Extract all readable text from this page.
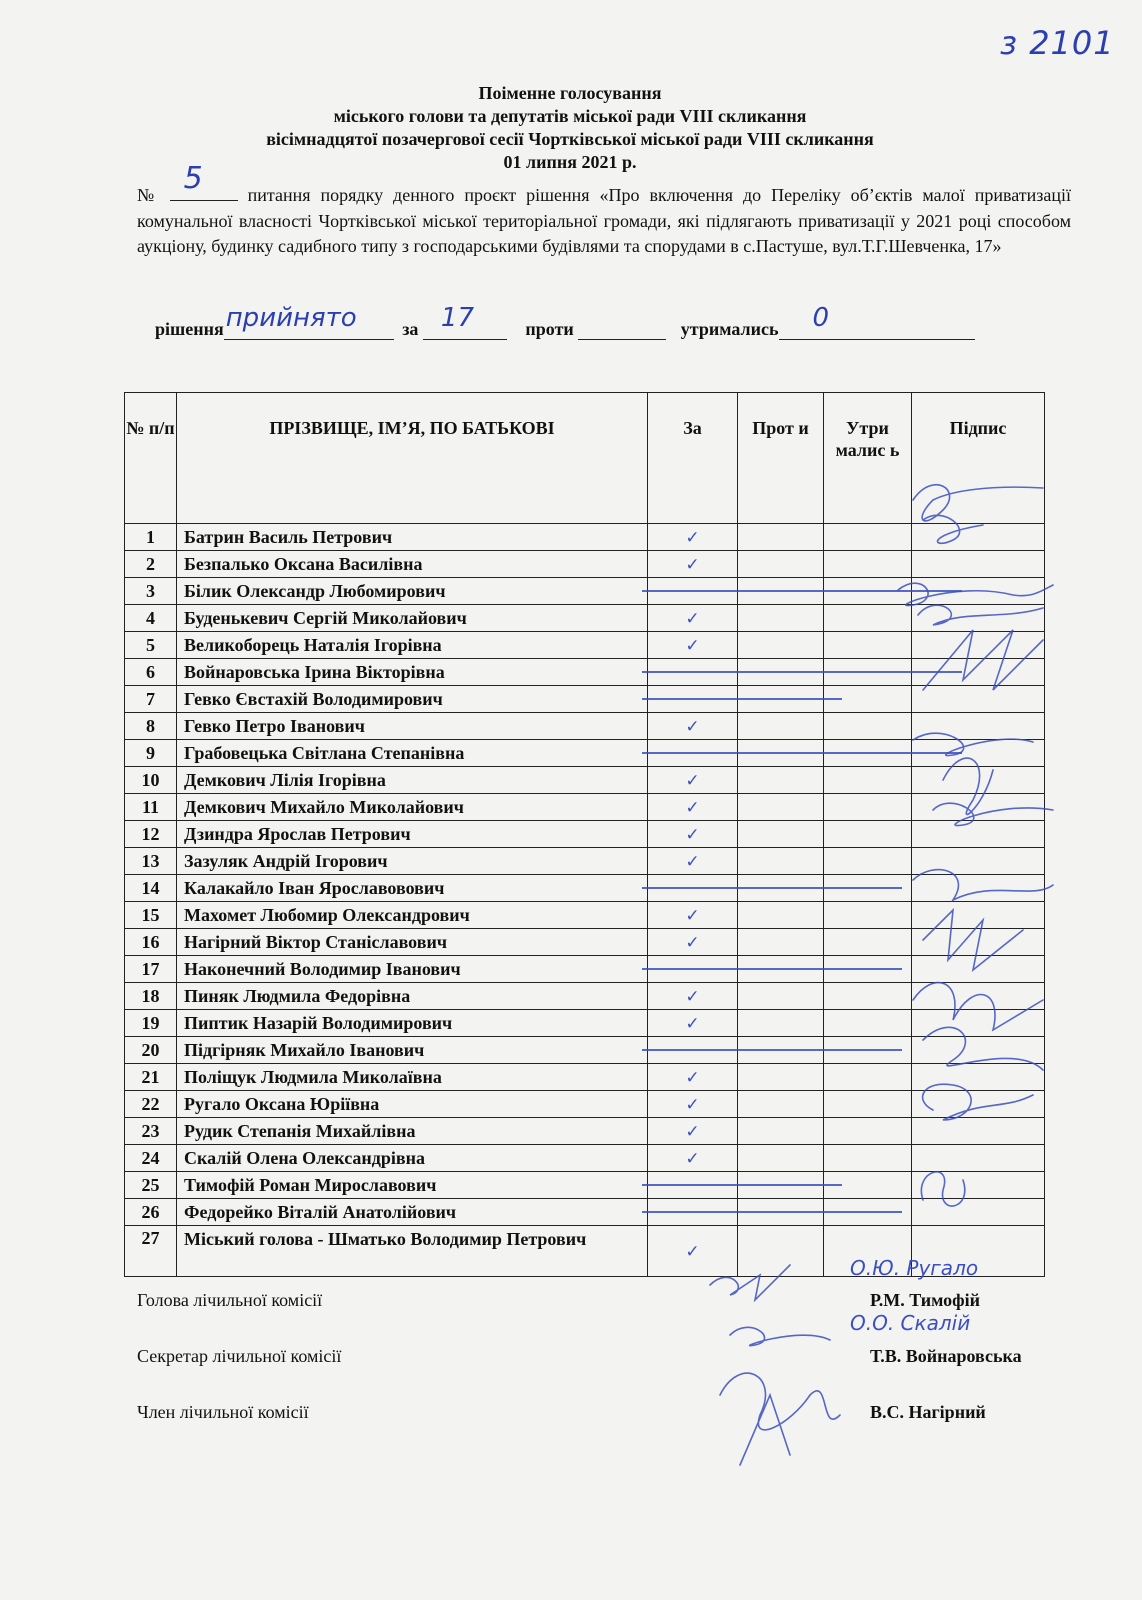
з 2101
Поіменне голосування
міського голови та депутатів міської ради VIII скликання
вісімнадцятої позачергової сесії Чортківської міської ради VIII скликання
01 липня 2021 р.
№ 5 питання порядку денного проєкт рішення «Про включення до Переліку об’єктів малої приватизації комунальної власності Чортківської міської територіальної громади, які підлягають приватизації у 2021 році способом аукціону, будинку садибного типу з господарськими будівлями та спорудами в с.Пастуше, вул.Т.Г.Шевченка, 17»
рішення прийнято	за 17	проти	утримались 0
№ п/п	ПРІЗВИЩЕ, ІМ’Я, ПО БАТЬКОВІ	За	Прот и	Утри малис ь	Підпис
1	Батрин Василь Петрович	✓			
2	Безпалько Оксана Василівна	✓			
3	Білик Олександр Любомирович	

4	Буденькевич Сергій Миколайович	✓			
5	Великоборець Наталія Ігорівна	✓			
6	Войнаровська Ірина Вікторівна	

7	Гевко Євстахій Володимирович	

8	Гевко Петро Іванович	✓			
9	Грабовецька Світлана Степанівна	

10	Демкович Лілія Ігорівна	✓			
11	Демкович Михайло Миколайович	✓			
12	Дзиндра Ярослав Петрович	✓			
13	Зазуляк Андрій Ігорович	✓			
14	Калакайло Іван Ярославовович	

15	Махомет Любомир Олександрович	✓			
16	Нагірний Віктор Станіславович	✓			
17	Наконечний Володимир Іванович	

18	Пиняк Людмила Федорівна	✓			
19	Пиптик Назарій Володимирович	✓			
20	Підгірняк Михайло Іванович	

21	Поліщук Людмила Миколаївна	✓			
22	Ругало Оксана Юріївна	✓			
23	Рудик Степанія Михайлівна	✓			
24	Скалій Олена Олександрівна	✓			
25	Тимофій Роман Мирославович	

26	Федорейко Віталій Анатолійович	

27	Міський голова - Шматько Володимир Петрович	✓			
О.Ю. Ругало
О.О. Скалій
Голова лічильної комісії	Р.М. Тимофій
Секретар лічильної комісії	Т.В. Войнаровська
Член лічильної комісії	В.С. Нагірний
